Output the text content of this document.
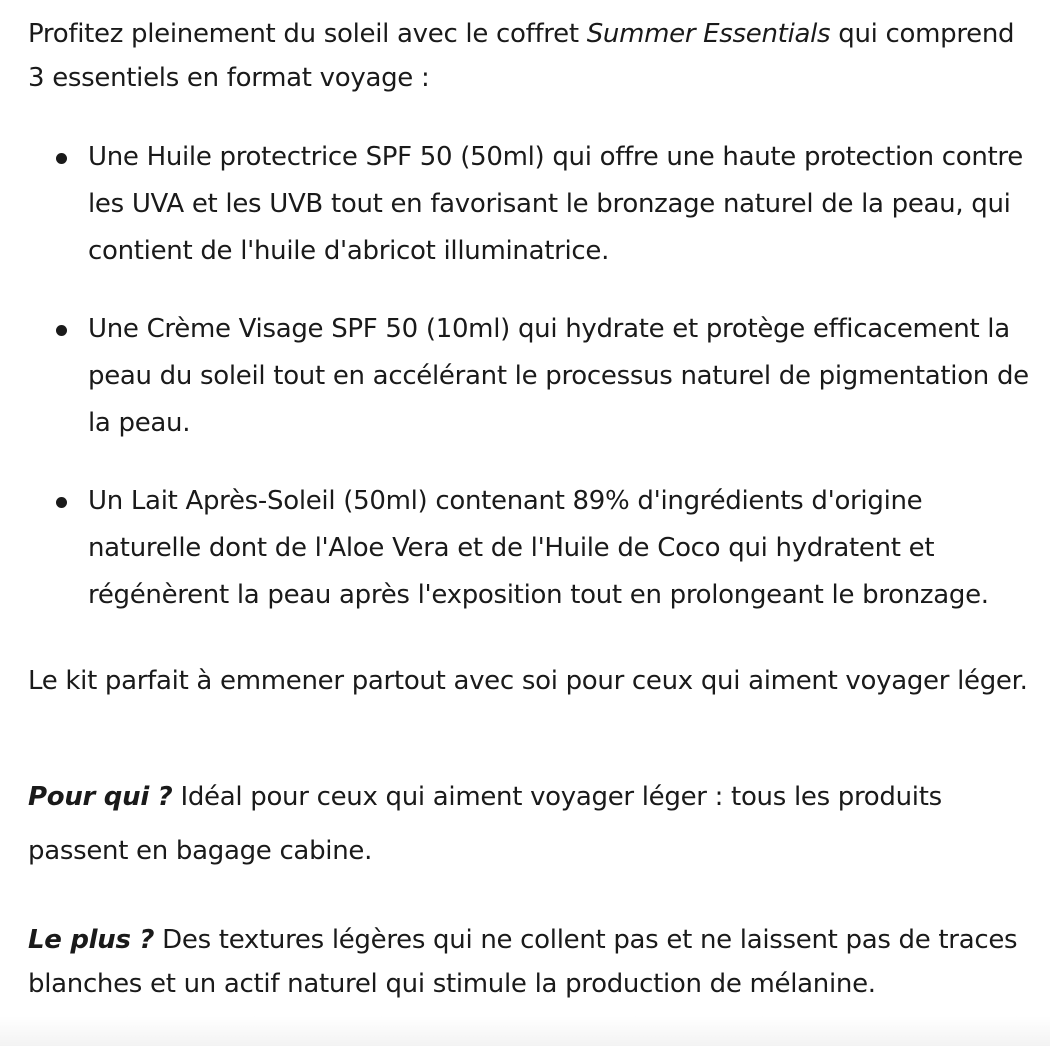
Profitez pleinement du soleil avec le coffret Summer Essentials qui comprend 3 essentiels en format voyage :

Une Huile protectrice SPF 50 (50ml) qui offre une haute protection contre les UVA et les UVB tout en favorisant le bronzage naturel de la peau, qui contient de l'huile d'abricot illuminatrice.
Une Crème Visage SPF 50 (10ml) qui hydrate et protège efficacement la peau du soleil tout en accélérant le processus naturel de pigmentation de la peau.
Un Lait Après-Soleil (50ml) contenant 89% d'ingrédients d'origine naturelle dont de l'Aloe Vera et de l'Huile de Coco qui hydratent et régénèrent la peau après l'exposition tout en prolongeant le bronzage.

Le kit parfait à emmener partout avec soi pour ceux qui aiment voyager léger.

Pour qui ? Idéal pour ceux qui aiment voyager léger : tous les produits passent en bagage cabine.

Le plus ? Des textures légères qui ne collent pas et ne laissent pas de traces blanches et un actif naturel qui stimule la production de mélanine.
